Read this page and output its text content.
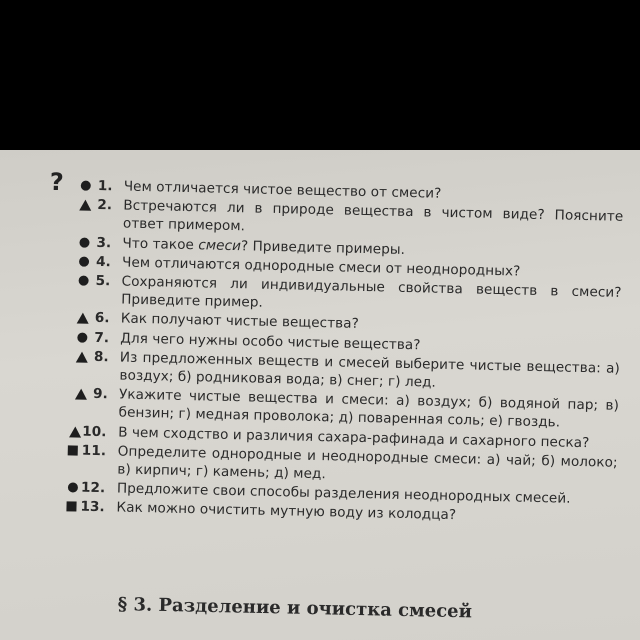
? 1. Чем отличается чистое вещество от смеси?
2. Встречаются ли в природе вещества в чистом виде? Поясните ответ примером.
3. Что такое смеси? Приведите примеры.
4. Чем отличаются однородные смеси от неоднородных?
5. Сохраняются ли индивидуальные свойства веществ в смеси? Приведите пример.
6. Как получают чистые вещества?
7. Для чего нужны особо чистые вещества?
8. Из предложенных веществ и смесей выберите чистые вещества: а) воздух; б) родниковая вода; в) снег; г) лед.
9. Укажите чистые вещества и смеси: а) воздух; б) водяной пар; в) бензин; г) медная проволока; д) поваренная соль; е) гвоздь.
10. В чем сходство и различия сахара-рафинада и сахарного песка?
11. Определите однородные и неоднородные смеси: а) чай; б) молоко; в) кирпич; г) камень; д) мед.
12. Предложите свои способы разделения неоднородных смесей.
13. Как можно очистить мутную воду из колодца?
§ 3. Разделение и очистка смесей
